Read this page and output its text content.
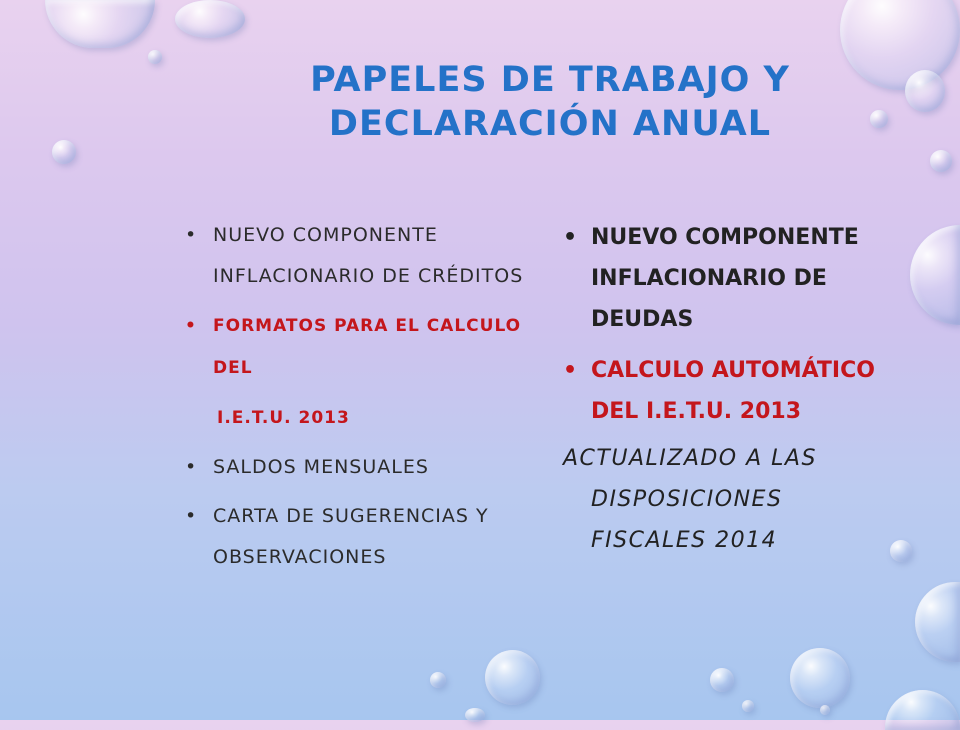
PAPELES DE TRABAJO Y DECLARACIÓN ANUAL
• NUEVO COMPONENTE INFLACIONARIO DE CRÉDITOS
• FORMATOS PARA EL CALCULO DEL
I.E.T.U. 2013
• SALDOS MENSUALES
• CARTA DE SUGERENCIAS Y OBSERVACIONES
• NUEVO COMPONENTE INFLACIONARIO DE DEUDAS
• CALCULO AUTOMÁTICO DEL I.E.T.U. 2013
ACTUALIZADO A LAS DISPOSICIONES FISCALES 2014
